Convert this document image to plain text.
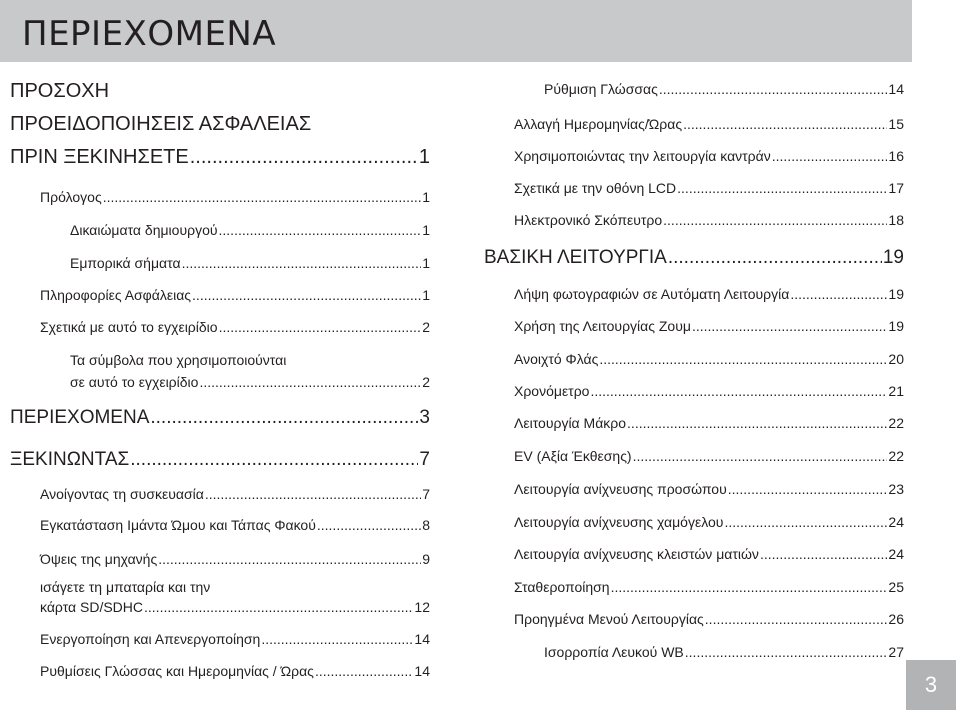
ΠΕΡΙΕΧΟΜΕΝΑ
ΠΡΟΣΟΧΗ
ΠΡΟΕΙΔΟΠΟΙΗΣΕΙΣ ΑΣΦΑΛΕΙΑΣ
ΠΡΙΝ ΞΕΚΙΝΗΣΕΤΕ .....	1
Πρόλογος .....	1
Δικαιώματα δημιουργού .....	1
Εμπορικά σήματα .....	1
Πληροφορίες Ασφάλειας .....	1
Σχετικά με αυτό το εγχειρίδιο .....	2
Τα σύμβολα που χρησιμοποιούνται
σε αυτό το εγχειρίδιο .....	2
ΠΕΡΙΕΧΟΜΕΝΑ .....	3
ΞΕΚΙΝΩΝΤΑΣ .....	7
Ανοίγοντας τη συσκευασία .....	7
Εγκατάσταση Ιμάντα Ώμου και Τάπας Φακού .....	8
Όψεις της μηχανής .....	9
ισάγετε τη μπαταρία και την
κάρτα SD/SDHC .....	12
Ενεργοποίηση και Απενεργοποίηση .....	14
Ρυθμίσεις Γλώσσας και Ημερομηνίας / Ώρας .....	14
Ρύθμιση Γλώσσας .....	14
Αλλαγή Ημερομηνίας/Ώρας .....	15
Χρησιμοποιώντας την λειτουργία καντράν .....	16
Σχετικά με την οθόνη LCD .....	17
Ηλεκτρονικό Σκόπευτρο .....	18
ΒΑΣΙΚΗ ΛΕΙΤΟΥΡΓΙΑ .....	19
Λήψη φωτογραφιών σε Αυτόματη Λειτουργία .....	19
Χρήση της Λειτουργίας Ζουμ .....	19
Ανοιχτό Φλάς .....	20
Χρονόμετρο .....	21
Λειτουργία Μάκρο .....	22
EV (Αξία Έκθεσης) .....	22
Λειτουργία ανίχνευσης προσώπου .....	23
Λειτουργία ανίχνευσης χαμόγελου .....	24
Λειτουργία ανίχνευσης κλειστών ματιών .....	24
Σταθεροποίηση .....	25
Προηγμένα Μενού Λειτουργίας .....	26
Ισορροπία Λευκού WB .....	27
3
